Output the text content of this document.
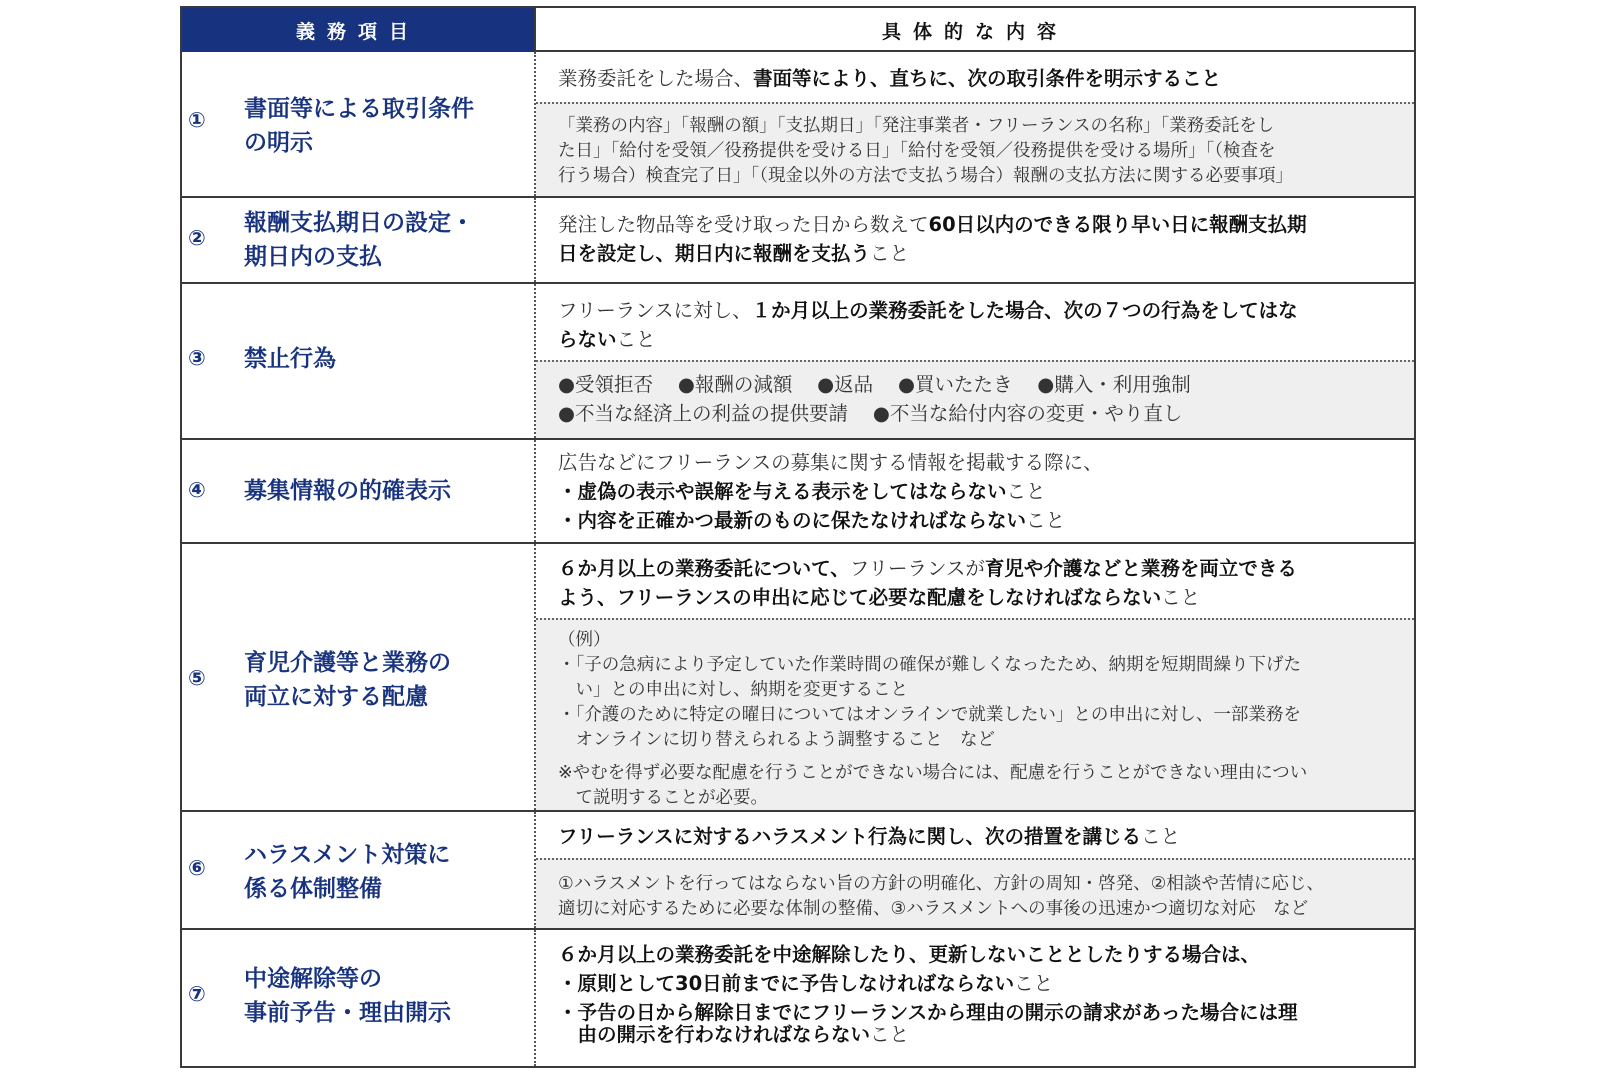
義務項目	具体的な内容
① 書面等による取引条件
の明示
業務委託をした場合、書面等により、直ちに、次の取引条件を明示すること
「業務の内容」「報酬の額」「支払期日」「発注事業者・フリーランスの名称」「業務委託をし
た日」「給付を受領／役務提供を受ける日」「給付を受領／役務提供を受ける場所」「（検査を
行う場合）検査完了日」「（現金以外の方法で支払う場合）報酬の支払方法に関する必要事項」
②
報酬支払期日の設定・
期日内の支払
発注した物品等を受け取った日から数えて60日以内のできる限り早い日に報酬支払期
日を設定し、期日内に報酬を支払うこと
③ 禁止行為
フリーランスに対し、１か月以上の業務委託をした場合、次の７つの行為をしてはな
らないこと
●受領拒否 ●報酬の減額 ●返品 ●買いたたき ●購入・利用強制
●不当な経済上の利益の提供要請 ●不当な給付内容の変更・やり直し
④ 募集情報の的確表示
広告などにフリーランスの募集に関する情報を掲載する際に、
・虚偽の表示や誤解を与える表示をしてはならないこと
・内容を正確かつ最新のものに保たなければならないこと
⑤
育児介護等と業務の
両立に対する配慮
６か月以上の業務委託について、フリーランスが育児や介護などと業務を両立できる
よう、フリーランスの申出に応じて必要な配慮をしなければならないこと
（例）
・「子の急病により予定していた作業時間の確保が難しくなったため、納期を短期間繰り下げた
　い」との申出に対し、納期を変更すること
・「介護のために特定の曜日についてはオンラインで就業したい」との申出に対し、一部業務を
　オンラインに切り替えられるよう調整すること　など
※やむを得ず必要な配慮を行うことができない場合には、配慮を行うことができない理由につい
　て説明することが必要。
⑥ ハラスメント対策に
係る体制整備
フリーランスに対するハラスメント行為に関し、次の措置を講じること
①ハラスメントを行ってはならない旨の方針の明確化、方針の周知・啓発、②相談や苦情に応じ、
適切に対応するために必要な体制の整備、③ハラスメントへの事後の迅速かつ適切な対応　など
⑦
中途解除等の
事前予告・理由開示
６か月以上の業務委託を中途解除したり、更新しないこととしたりする場合は、
・原則として30日前までに予告しなければならないこと
・予告の日から解除日までにフリーランスから理由の開示の請求があった場合には理
　由の開示を行わなければならないこと
